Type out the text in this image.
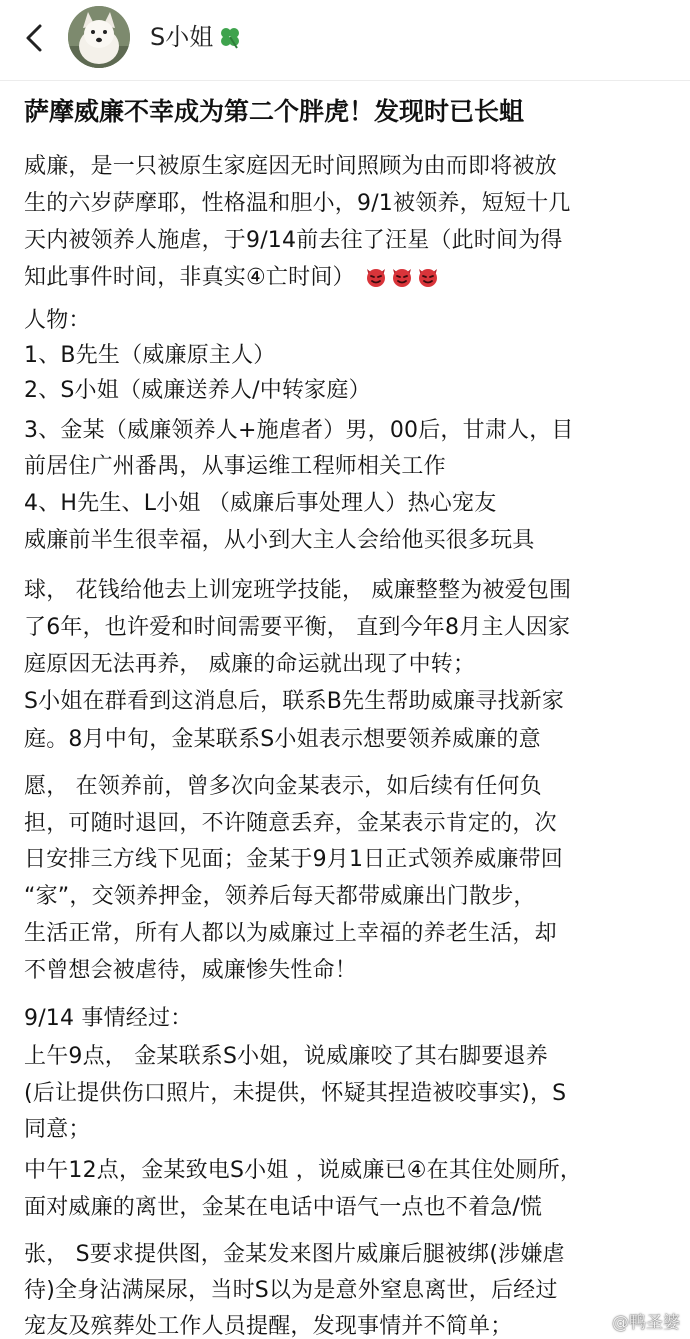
S小姐
萨摩威廉不幸成为第二个胖虎！发现时已长蛆
威廉，是一只被原生家庭因无时间照顾为由而即将被放
生的六岁萨摩耶，性格温和胆小，9/1被领养，短短十几
天内被领养人施虐，于9/14前去往了汪星（此时间为得
知此事件时间，非真实④亡时间）
人物：
1、B先生（威廉原主人）
2、S小姐（威廉送养人/中转家庭）
3、金某（威廉领养人+施虐者）男，00后，甘肃人，目
前居住广州番禺，从事运维工程师相关工作
4、H先生、L小姐 （威廉后事处理人）热心宠友
威廉前半生很幸福，从小到大主人会给他买很多玩具
球， 花钱给他去上训宠班学技能， 威廉整整为被爱包围
了6年，也许爱和时间需要平衡， 直到今年8月主人因家
庭原因无法再养， 威廉的命运就出现了中转；
S小姐在群看到这消息后，联系B先生帮助威廉寻找新家
庭。8月中旬，金某联系S小姐表示想要领养威廉的意
愿， 在领养前，曾多次向金某表示，如后续有任何负
担，可随时退回，不许随意丢弃，金某表示肯定的，次
日安排三方线下见面；金某于9月1日正式领养威廉带回
“家”，交领养押金，领养后每天都带威廉出门散步，
生活正常，所有人都以为威廉过上幸福的养老生活，却
不曾想会被虐待，威廉惨失性命！
9/14 事情经过：
上午9点， 金某联系S小姐，说威廉咬了其右脚要退养
(后让提供伤口照片，未提供，怀疑其捏造被咬事实)，S
同意；
中午12点，金某致电S小姐 ，说威廉已④在其住处厕所，
面对威廉的离世，金某在电话中语气一点也不着急/慌
张， S要求提供图，金某发来图片威廉后腿被绑(涉嫌虐
待)全身沾满屎尿，当时S以为是意外窒息离世，后经过
宠友及殡葬处工作人员提醒，发现事情并不简单；	@鸭圣婆
